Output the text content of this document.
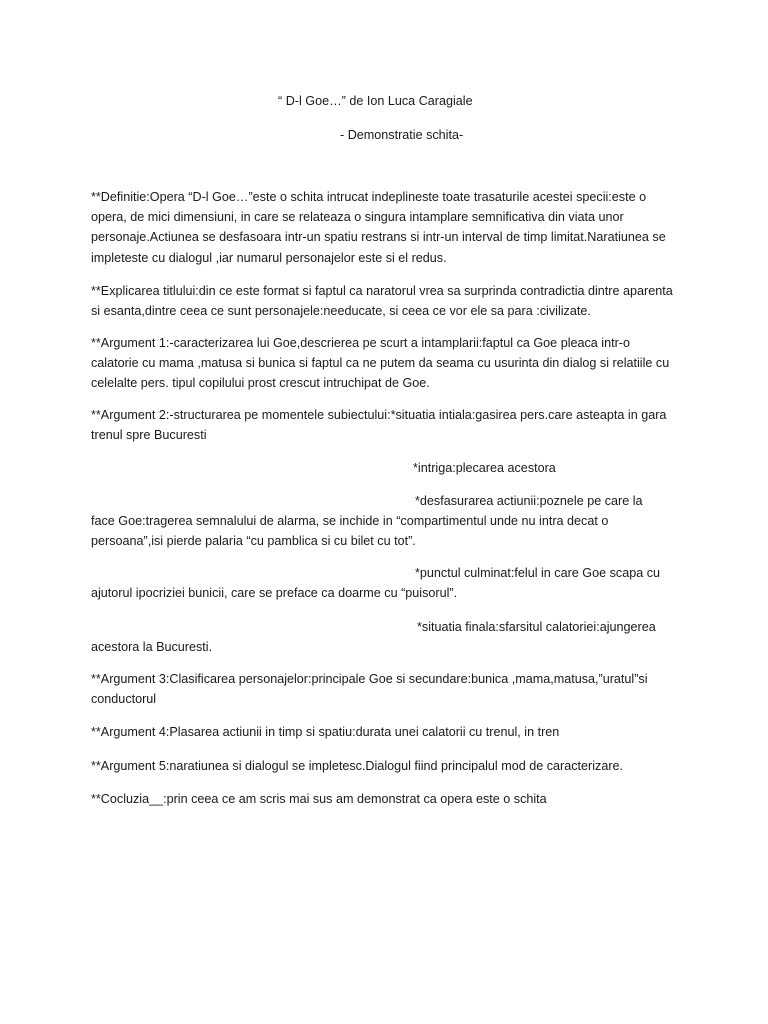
“ D-l Goe…” de Ion Luca Caragiale
- Demonstratie schita-
**Definitie:Opera “D-l Goe…”este o schita intrucat indeplineste toate trasaturile acestei specii:este o opera, de mici dimensiuni, in care se relateaza o singura intamplare semnificativa din viata unor personaje.Actiunea se desfasoara intr-un spatiu restrans si intr-un interval de timp limitat.Naratiunea se impleteste cu dialogul ,iar numarul personajelor este si el redus.
**Explicarea titlului:din ce este format si faptul ca naratorul vrea sa surprinda contradictia dintre aparenta si esanta,dintre ceea ce sunt personajele:needucate, si ceea ce vor ele sa para :civilizate.
**Argument 1:-caracterizarea lui Goe,descrierea pe scurt a intamplarii:faptul ca Goe pleaca intr-o calatorie cu mama ,matusa si bunica si faptul ca ne putem da seama cu usurinta din dialog si relatiile cu celelalte pers. tipul copilului prost crescut intruchipat de Goe.
**Argument 2:-structurarea pe momentele subiectului:*situatia intiala:gasirea pers.care asteapta in gara trenul spre Bucuresti
*intriga:plecarea acestora
*desfasurarea actiunii:poznele pe care la
face Goe:tragerea semnalului de alarma, se inchide in “compartimentul unde nu intra decat o persoana”,isi pierde palaria “cu pamblica si cu bilet cu tot”.
*punctul culminat:felul in care Goe scapa cu
ajutorul ipocriziei bunicii, care se preface ca doarme cu “puisorul”.
*situatia finala:sfarsitul calatoriei:ajungerea
acestora la Bucuresti.
**Argument 3:Clasificarea personajelor:principale Goe si secundare:bunica ,mama,matusa,”uratul”si conductorul
**Argument 4:Plasarea actiunii in timp si spatiu:durata unei calatorii cu trenul, in tren
**Argument 5:naratiunea si dialogul se impletesc.Dialogul fiind principalul mod de caracterizare.
**Cocluzia__:prin ceea ce am scris mai sus am demonstrat ca opera este o schita
